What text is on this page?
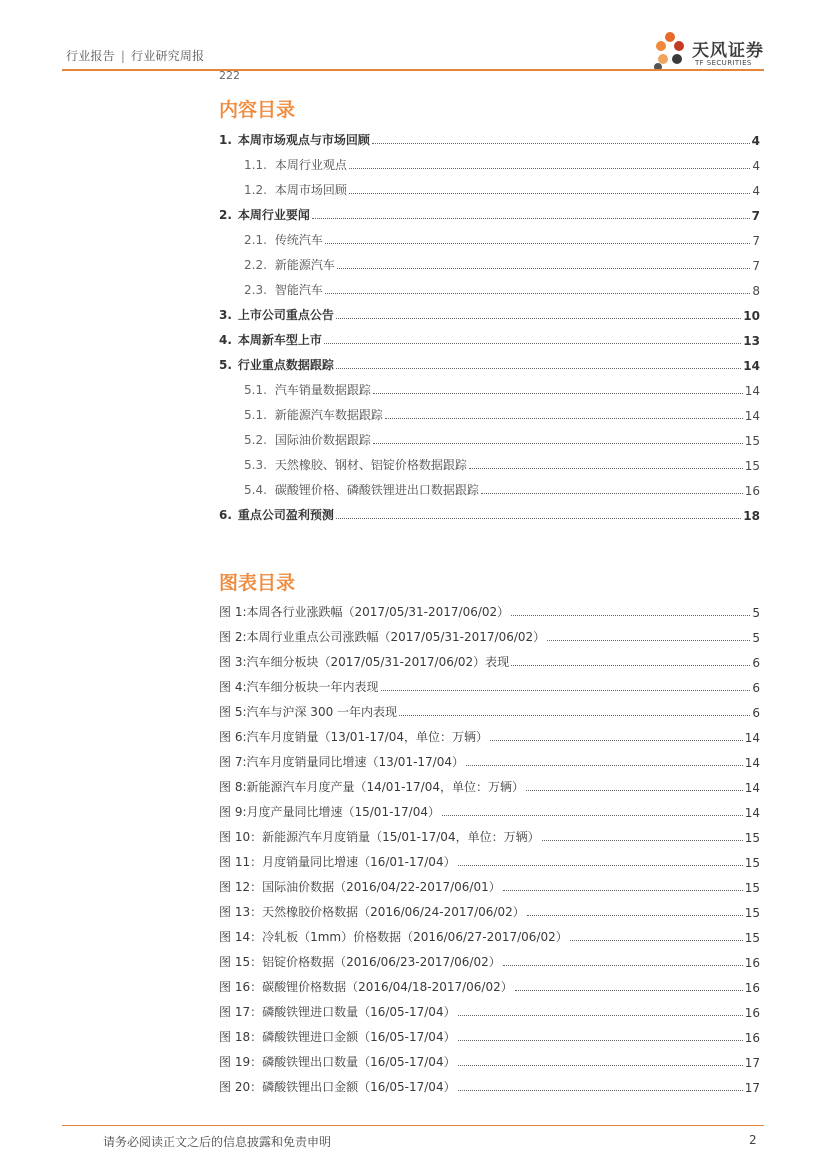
行业报告 | 行业研究周报	天风证券
TF SECURITIES
222
内容目录
1. 本周市场观点与市场回顾	4
1.1. 本周行业观点	4
1.2. 本周市场回顾	4
2. 本周行业要闻	7
2.1. 传统汽车	7
2.2. 新能源汽车	7
2.3. 智能汽车	8
3. 上市公司重点公告	10
4. 本周新车型上市	13
5. 行业重点数据跟踪	14
5.1. 汽车销量数据跟踪	14
5.1. 新能源汽车数据跟踪	14
5.2. 国际油价数据跟踪	15
5.3. 天然橡胶、钢材、铝锭价格数据跟踪	15
5.4. 碳酸锂价格、磷酸铁锂进出口数据跟踪	16
6. 重点公司盈利预测	18
图表目录
图 1:本周各行业涨跌幅（2017/05/31-2017/06/02）	5
图 2:本周行业重点公司涨跌幅（2017/05/31-2017/06/02）	5
图 3:汽车细分板块（2017/05/31-2017/06/02）表现	6
图 4:汽车细分板块一年内表现	6
图 5:汽车与沪深 300 一年内表现	6
图 6:汽车月度销量（13/01-17/04，单位：万辆）	14
图 7:汽车月度销量同比增速（13/01-17/04）	14
图 8:新能源汽车月度产量（14/01-17/04，单位：万辆）	14
图 9:月度产量同比增速（15/01-17/04）	14
图 10：新能源汽车月度销量（15/01-17/04，单位：万辆）	15
图 11：月度销量同比增速（16/01-17/04）	15
图 12：国际油价数据（2016/04/22-2017/06/01）	15
图 13：天然橡胶价格数据（2016/06/24-2017/06/02）	15
图 14：冷轧板（1mm）价格数据（2016/06/27-2017/06/02）	15
图 15：铝锭价格数据（2016/06/23-2017/06/02）	16
图 16：碳酸锂价格数据（2016/04/18-2017/06/02）	16
图 17：磷酸铁锂进口数量（16/05-17/04）	16
图 18：磷酸铁锂进口金额（16/05-17/04）	16
图 19：磷酸铁锂出口数量（16/05-17/04）	17
图 20：磷酸铁锂出口金额（16/05-17/04）	17
请务必阅读正文之后的信息披露和免责申明	2
